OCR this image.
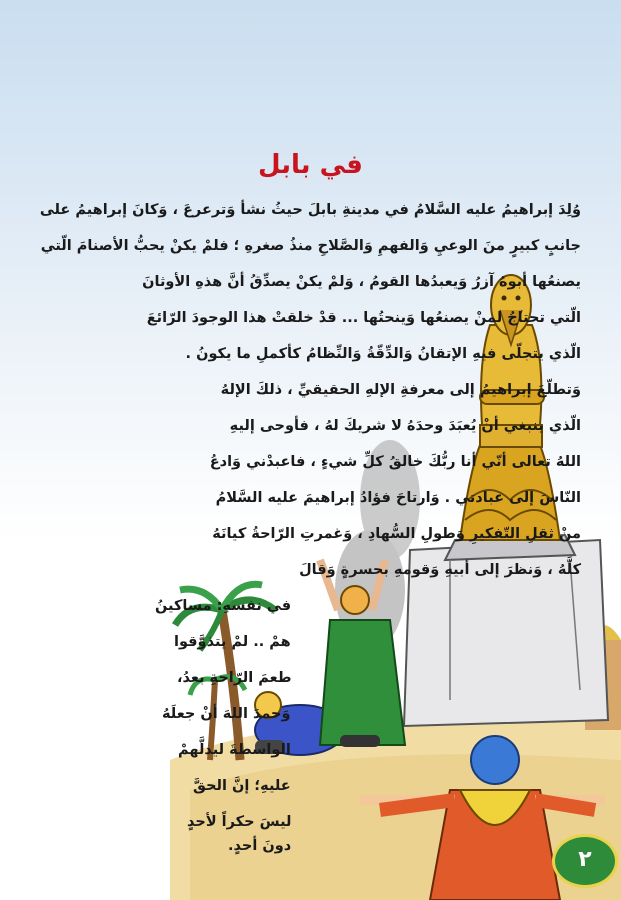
في بابل
وُلِدَ إبراهيمُ عليه السَّلامُ في مدينةِ بابلَ حيثُ نشأ وَترعرعَ ، وَكانَ إبراهيمُ على
جانبٍ كبيرٍ منَ الوعيِ وَالفهمِ وَالصَّلاحِ منذُ صغرهِ ؛ فلمْ يكنْ يحبُّ الأصنامَ الّتي
يصنعُها أبوهُ آزرُ وَيعبدُها القومُ ، وَلمْ يكنْ يصدِّقُ أنَّ هذهِ الأوثانَ
الّتي تحتاجُ لمنْ يصنعُها وَينحتُها ... قدْ خلقتْ هذا الوجودَ الرّائعَ
الّذي يتجلّى فيهِ الإتقانُ وَالدِّقّةُ وَالنِّظامُ كأكملِ ما يكونُ .
وَتطلّعَ إبراهيمُ إلى معرفةِ الإلهِ الحقيقيِّ ، ذلكَ الإلهُ
الّذي ينبغي أنْ يُعبَدَ وحدَهُ لا شريكَ لهُ ، فأوحى إليهِ
اللهُ تعالى أنّي أنا ربُّكَ خالقُ كلِّ شيءٍ ، فاعبدْني وَادعُ
النّاسَ إلى عبادتي . وَارتاحَ فؤادُ إبراهيمَ عليه السَّلامُ
منْ ثقلِ التّفكيرِ وَطولِ السُّهادِ ، وَغمرتِ الرّاحةُ كيانَهُ
كلَّهُ ، وَنظرَ إلى أبيهِ وَقومهِ بحسرةٍ وَقالَ
في نفسهِ: مساكينُ
همْ .. لمْ يتذوَّقوا
طعمَ الرّاحةِ بعدُ،
وَحمدَ اللهَ أنْ جعلَهُ
الواسطةَ ليدلَّهمْ
عليهِ؛ إنَّ الحقَّ
ليسَ حكراً لأحدٍ
دونَ أحدٍ.
٢
